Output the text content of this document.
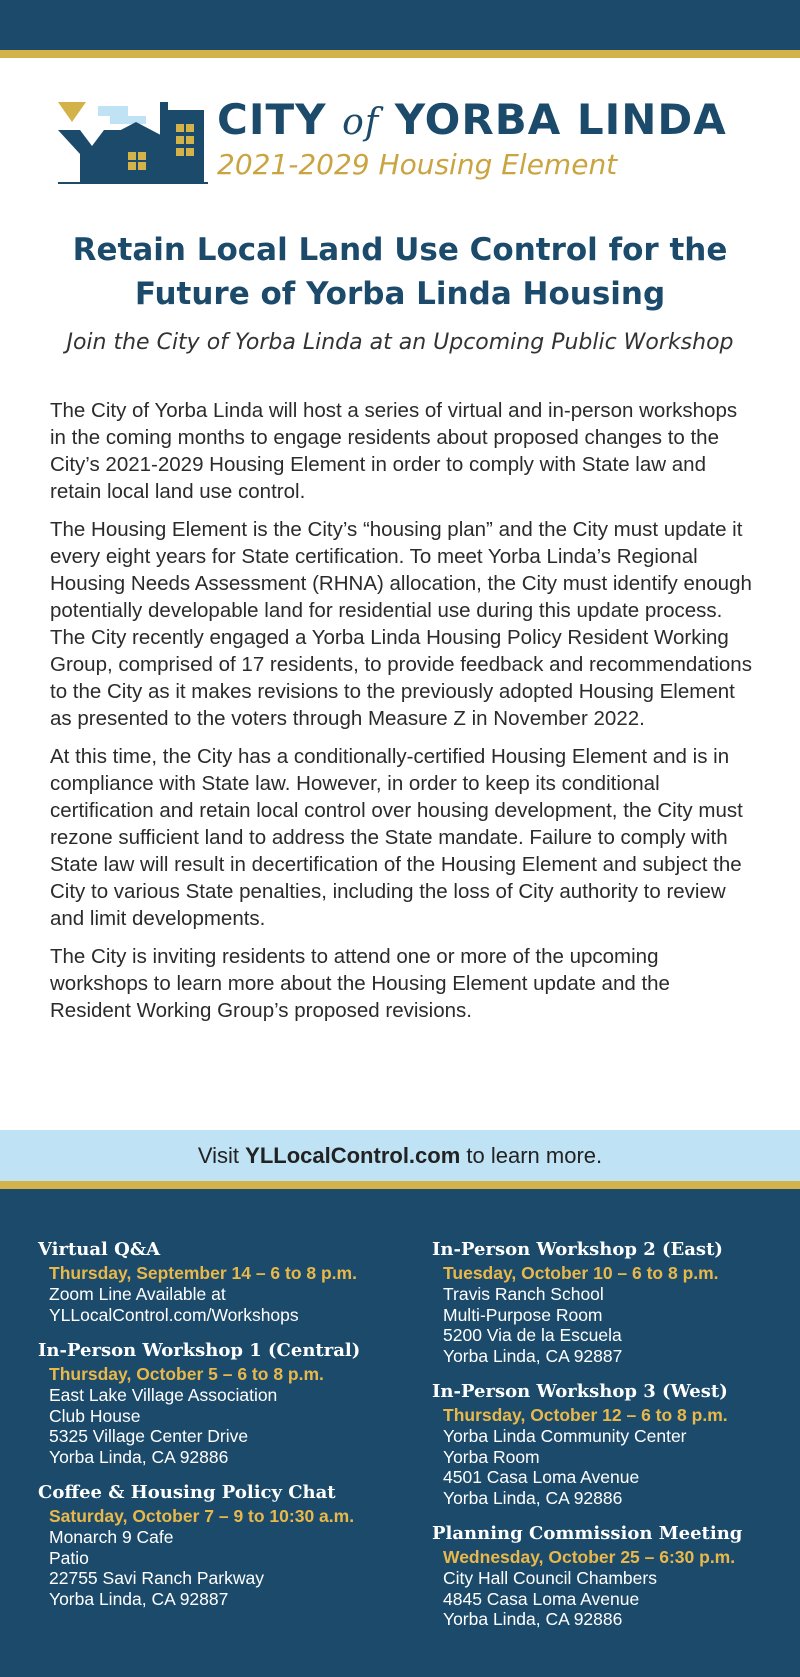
CITY of YORBA LINDA
2021-2029 Housing Element
Retain Local Land Use Control for the
Future of Yorba Linda Housing
Join the City of Yorba Linda at an Upcoming Public Workshop

The City of Yorba Linda will host a series of virtual and in-person workshops in the coming months to engage residents about proposed changes to the City’s 2021-2029 Housing Element in order to comply with State law and retain local land use control.

The Housing Element is the City’s “housing plan” and the City must update it every eight years for State certification. To meet Yorba Linda’s Regional Housing Needs Assessment (RHNA) allocation, the City must identify enough potentially developable land for residential use during this update process. The City recently engaged a Yorba Linda Housing Policy Resident Working Group, comprised of 17 residents, to provide feedback and recommendations to the City as it makes revisions to the previously adopted Housing Element as presented to the voters through Measure Z in November 2022.

At this time, the City has a conditionally-certified Housing Element and is in compliance with State law. However, in order to keep its conditional certification and retain local control over housing development, the City must rezone sufficient land to address the State mandate. Failure to comply with State law will result in decertification of the Housing Element and subject the City to various State penalties, including the loss of City authority to review and limit developments.

The City is inviting residents to attend one or more of the upcoming workshops to learn more about the Housing Element update and the Resident Working Group’s proposed revisions.

Visit YLLocalControl.com to learn more.
Virtual Q&A
Thursday, September 14 – 6 to 8 p.m.
Zoom Line Available at
YLLocalControl.com/Workshops
In-Person Workshop 1 (Central)
Thursday, October 5 – 6 to 8 p.m.
East Lake Village Association
Club House
5325 Village Center Drive
Yorba Linda, CA 92886
Coffee & Housing Policy Chat
Saturday, October 7 – 9 to 10:30 a.m.
Monarch 9 Cafe
Patio
22755 Savi Ranch Parkway
Yorba Linda, CA 92887
In-Person Workshop 2 (East)
Tuesday, October 10 – 6 to 8 p.m.
Travis Ranch School
Multi-Purpose Room
5200 Via de la Escuela
Yorba Linda, CA 92887
In-Person Workshop 3 (West)
Thursday, October 12 – 6 to 8 p.m.
Yorba Linda Community Center
Yorba Room
4501 Casa Loma Avenue
Yorba Linda, CA 92886
Planning Commission Meeting
Wednesday, October 25 – 6:30 p.m.
City Hall Council Chambers
4845 Casa Loma Avenue
Yorba Linda, CA 92886
